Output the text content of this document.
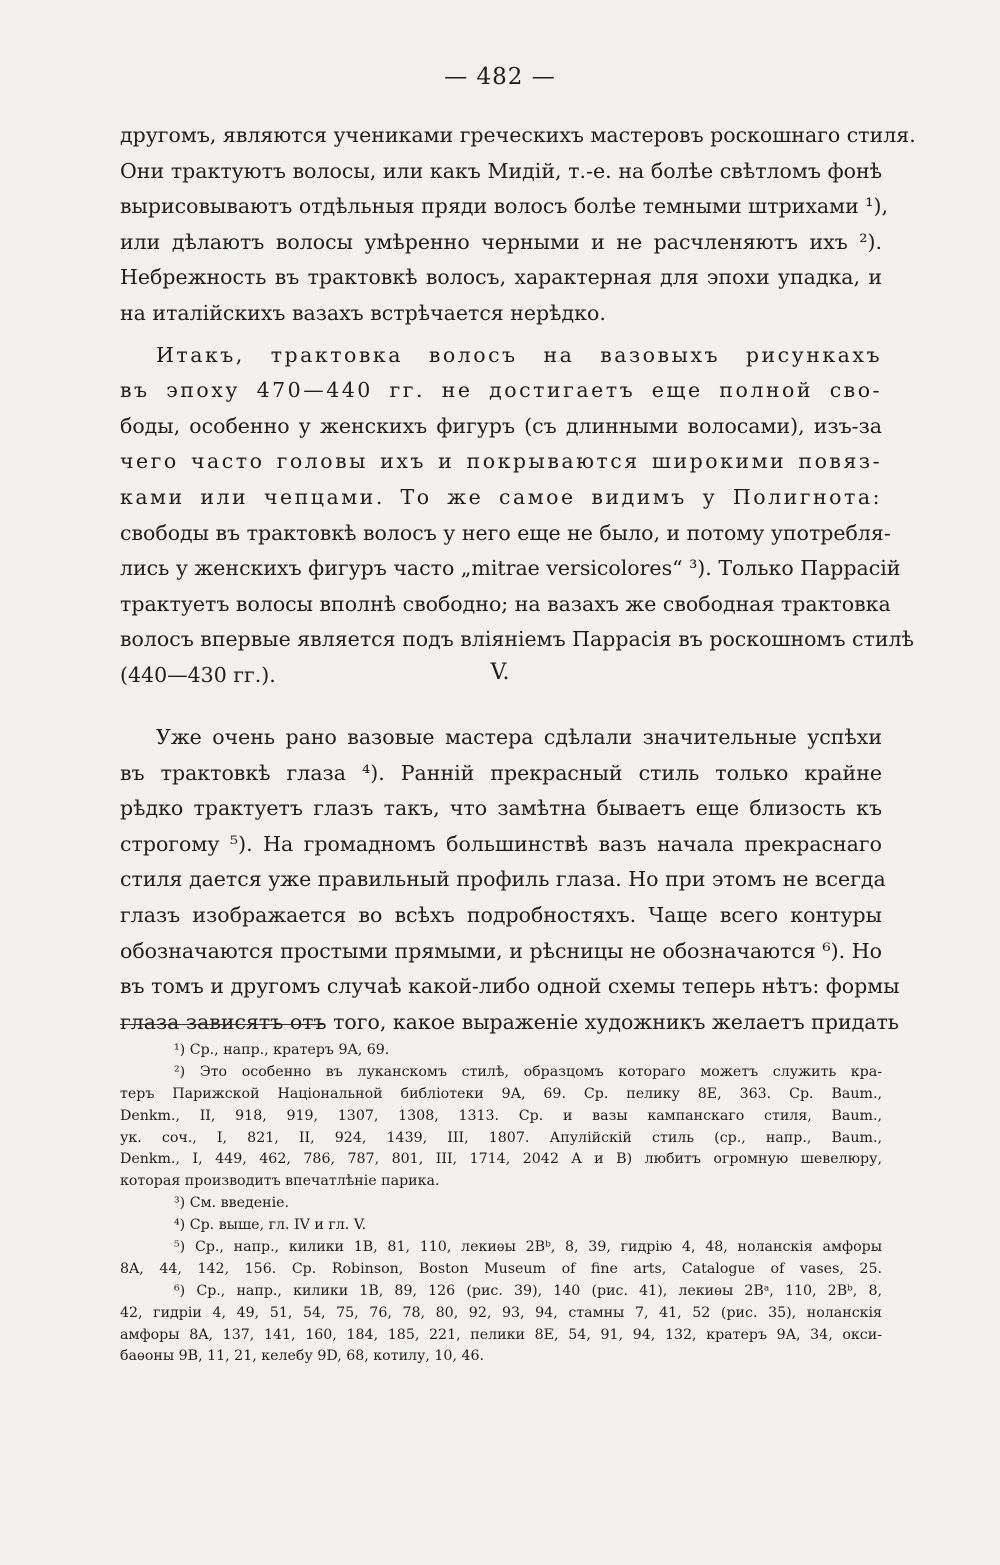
— 482 —
другомъ, являются учениками греческихъ мастеровъ роскошнаго стиля.
Они трактуютъ волосы, или какъ Мидій, т.-е. на болѣе свѣтломъ фонѣ
вырисовываютъ отдѣльныя пряди волосъ болѣе темными штрихами ¹),
или дѣлаютъ волосы умѣренно черными и не расчленяютъ ихъ ²).
Небрежность въ трактовкѣ волосъ, характерная для эпохи упадка, и
на италійскихъ вазахъ встрѣчается нерѣдко.
Итакъ, трактовка волосъ на вазовыхъ рисункахъ
въ эпоху 470—440 гг. не достигаетъ еще полной сво-
боды, особенно у женскихъ фигуръ (съ длинными волосами), изъ-за
чего часто головы ихъ и покрываются широкими повяз-
ками или чепцами. То же самое видимъ у Полигнота:
свободы въ трактовкѣ волосъ у него еще не было, и потому употребля-
лись у женскихъ фигуръ часто „mitrae versicolores“ ³). Только Паррасій
трактуетъ волосы вполнѣ свободно; на вазахъ же свободная трактовка
волосъ впервые является подъ вліяніемъ Паррасія въ роскошномъ стилѣ
(440—430 гг.).	V.
Уже очень рано вазовые мастера сдѣлали значительные успѣхи
въ трактовкѣ глаза ⁴). Ранній прекрасный стиль только крайне
рѣдко трактуетъ глазъ такъ, что замѣтна бываетъ еще близость къ
строгому ⁵). На громадномъ большинствѣ вазъ начала прекраснаго
стиля дается уже правильный профиль глаза. Но при этомъ не всегда
глазъ изображается во всѣхъ подробностяхъ. Чаще всего контуры
обозначаются простыми прямыми, и рѣсницы не обозначаются ⁶). Но
въ томъ и другомъ случаѣ какой-либо одной схемы теперь нѣтъ: формы
глаза зависятъ отъ того, какое выраженіе художникъ желаетъ придать
¹) Ср., напр., кратеръ 9A, 69.
²) Это особенно въ луканскомъ стилѣ, образцомъ котораго можетъ служить кра-
теръ Парижской Національной библіотеки 9A, 69. Ср. пелику 8E, 363. Ср. Baum.,
Denkm., II, 918, 919, 1307, 1308, 1313. Ср. и вазы кампанскаго стиля, Baum.,
ук. соч., I, 821, II, 924, 1439, III, 1807. Апулійскій стиль (ср., напр., Baum.,
Denkm., I, 449, 462, 786, 787, 801, III, 1714, 2042 A и B) любитъ огромную шевелюру,
которая производитъ впечатлѣніе парика.
³) См. введеніе.
⁴) Ср. выше, гл. IV и гл. V.
⁵) Ср., напр., килики 1B, 81, 110, лекиѳы 2Bᵇ, 8, 39, гидрію 4, 48, ноланскія амфоры
8A, 44, 142, 156. Ср. Robinson, Boston Museum of fine arts, Catalogue of vases, 25.
⁶) Ср., напр., килики 1B, 89, 126 (рис. 39), 140 (рис. 41), лекиѳы 2Bᵃ, 110, 2Bᵇ, 8,
42, гидріи 4, 49, 51, 54, 75, 76, 78, 80, 92, 93, 94, стамны 7, 41, 52 (рис. 35), ноланскія
амфоры 8A, 137, 141, 160, 184, 185, 221, пелики 8E, 54, 91, 94, 132, кратеръ 9A, 34, окси-
баѳоны 9B, 11, 21, келебу 9D, 68, котилу, 10, 46.
